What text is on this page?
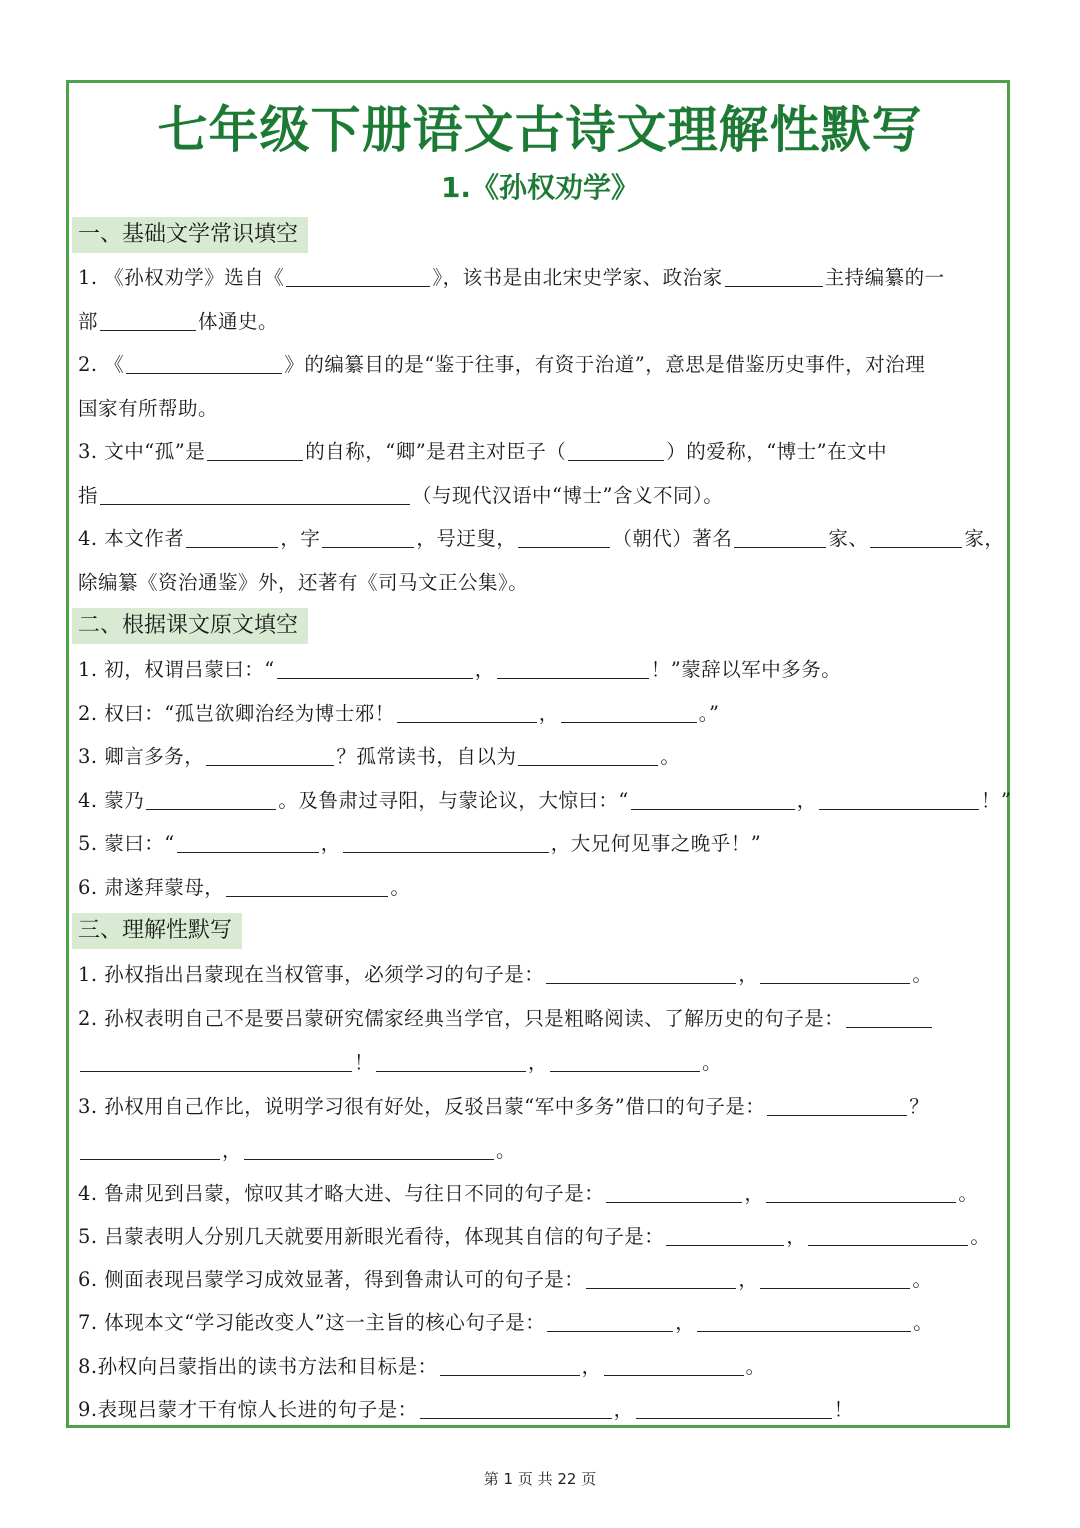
七年级下册语文古诗文理解性默写
1.《孙权劝学》
一、基础文学常识填空
1. 《孙权劝学》选自《	》，该书是由北宋史学家、政治家	主持编纂的一
部	体通史。
2. 《	》的编纂目的是“鉴于往事，有资于治道”，意思是借鉴历史事件，对治理
国家有所帮助。
3. 文中“孤”是	的自称，“卿”是君主对臣子（	）的爱称，“博士”在文中
指	（与现代汉语中“博士”含义不同）。
4. 本文作者	，字	，号迂叟，	（朝代）著名	家、	家，
除编纂《资治通鉴》外，还著有《司马文正公集》。
二、根据课文原文填空
1. 初，权谓吕蒙曰：“	，	！”蒙辞以军中多务。
2. 权曰：“孤岂欲卿治经为博士邪！	，	。”
3. 卿言多务，	？孤常读书，自以为	。
4. 蒙乃	。及鲁肃过寻阳，与蒙论议，大惊曰：“	，	！”
5. 蒙曰：“	，	，大兄何见事之晚乎！”
6. 肃遂拜蒙母，	。
三、理解性默写
1. 孙权指出吕蒙现在当权管事，必须学习的句子是：	，	。
2. 孙权表明自己不是要吕蒙研究儒家经典当学官，只是粗略阅读、了解历史的句子是：
！	，	。
3. 孙权用自己作比，说明学习很有好处，反驳吕蒙“军中多务”借口的句子是：	？
，	。
4. 鲁肃见到吕蒙，惊叹其才略大进、与往日不同的句子是：	，	。
5. 吕蒙表明人分别几天就要用新眼光看待，体现其自信的句子是：	，	。
6. 侧面表现吕蒙学习成效显著，得到鲁肃认可的句子是：	，	。
7. 体现本文“学习能改变人”这一主旨的核心句子是：	，	。
8.孙权向吕蒙指出的读书方法和目标是：	，	。
9.表现吕蒙才干有惊人长进的句子是：	，	！
第 1 页 共 22 页
